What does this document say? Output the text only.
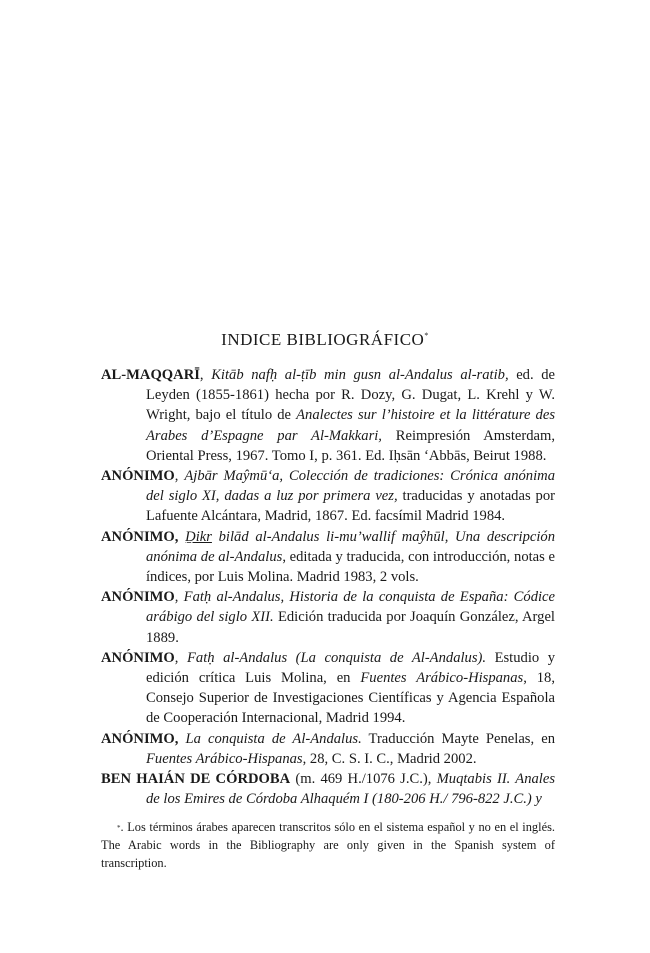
INDICE BIBLIOGRÁFICO*

AL-MAQQARĪ, Kitāb nafḥ al-ṭīb min gusn al-Andalus al-ratib, ed. de Leyden (1855-1861) hecha por R. Dozy, G. Dugat, L. Krehl y W. Wright, bajo el título de Analectes sur l’histoire et la littérature des Arabes d’Espagne par Al-Makkari, Reimpresión Amsterdam, Oriental Press, 1967. Tomo I, p. 361. Ed. Iḥsān ‘Abbās, Beirut 1988.

ANÓNIMO, Ajbār Maŷmū‘a, Colección de tradiciones: Crónica anónima del siglo XI, dadas a luz por primera vez, traducidas y anotadas por Lafuente Alcántara, Madrid, 1867. Ed. facsímil Madrid 1984.

ANÓNIMO, Ḏikr bilād al-Andalus li-mu’wallif maŷhūl, Una descripción anónima de al-Andalus, editada y traducida, con introducción, notas e índices, por Luis Molina. Madrid 1983, 2 vols.

ANÓNIMO, Fatḥ al-Andalus, Historia de la conquista de España: Códice arábigo del siglo XII. Edición traducida por Joaquín González, Argel 1889.

ANÓNIMO, Fatḥ al-Andalus (La conquista de Al-Andalus). Estudio y edición crítica Luis Molina, en Fuentes Arábico-Hispanas, 18, Consejo Superior de Investigaciones Científicas y Agencia Española de Cooperación Internacional, Madrid 1994.

ANÓNIMO, La conquista de Al-Andalus. Traducción Mayte Penelas, en Fuentes Arábico-Hispanas, 28, C. S. I. C., Madrid 2002.

BEN HAIÁN DE CÓRDOBA (m. 469 H./1076 J.C.), Muqtabis II. Anales de los Emires de Córdoba Alhaquém I (180-206 H./ 796-822 J.C.) y

*. Los términos árabes aparecen transcritos sólo en el sistema español y no en el inglés. The Arabic words in the Bibliography are only given in the Spanish system of transcription.
